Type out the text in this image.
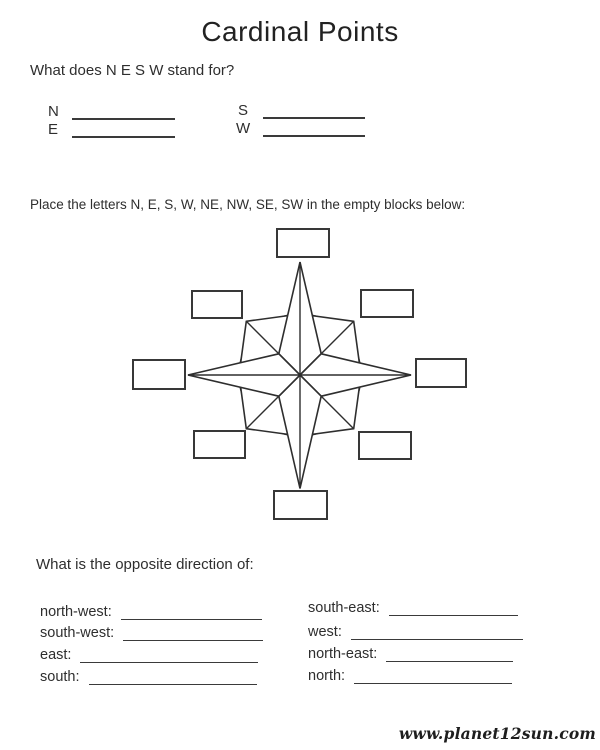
Cardinal Points
What does N E S W stand for?
N
E
S
W
Place the letters N, E, S, W, NE, NW, SE, SW in the empty blocks below:
What is the opposite direction of:
north-west:
south-west:
east:
south:
south-east:
west:
north-east:
north:
www.planet12sun.com
